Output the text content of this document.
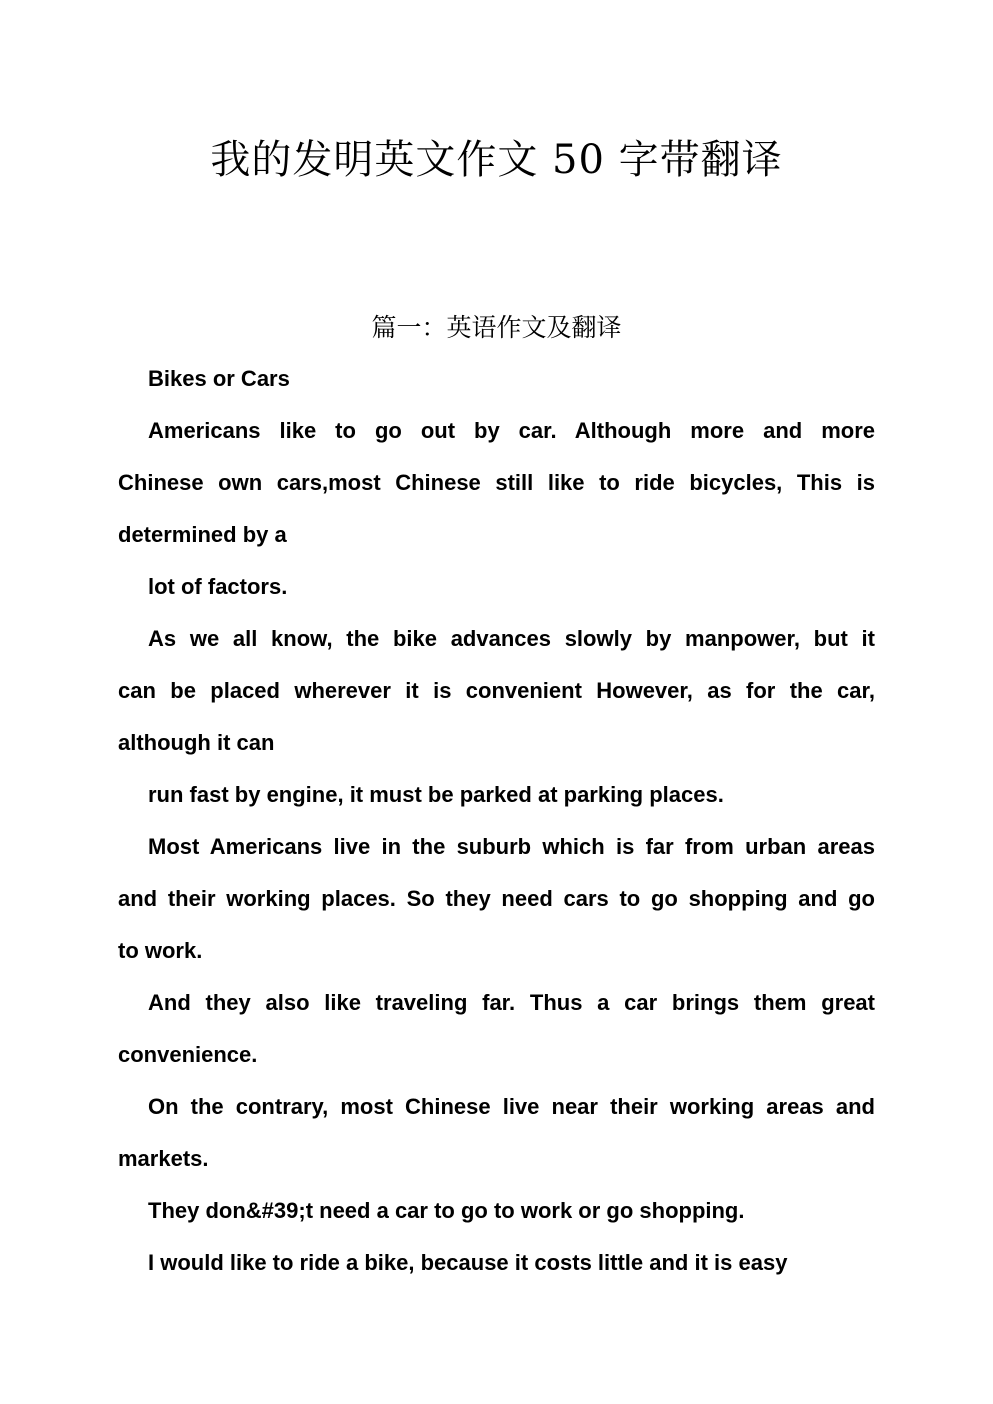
我的发明英文作文 50 字带翻译
篇一：英语作文及翻译
Bikes or Cars
Americans like to go out by car. Although more and more
Chinese own cars,most Chinese still like to ride bicycles, This is
determined by a
lot of factors.
As we all know, the bike advances slowly by manpower, but it
can be placed wherever it is convenient However, as for the car,
although it can
run fast by engine, it must be parked at parking places.
Most Americans live in the suburb which is far from urban areas
and their working places. So they need cars to go shopping and go
to work.
And they also like traveling far. Thus a car brings them great
convenience.
On the contrary, most Chinese live near their working areas and
markets.
They don&#39;t need a car to go to work or go shopping.
I would like to ride a bike, because it costs little and it is easy
